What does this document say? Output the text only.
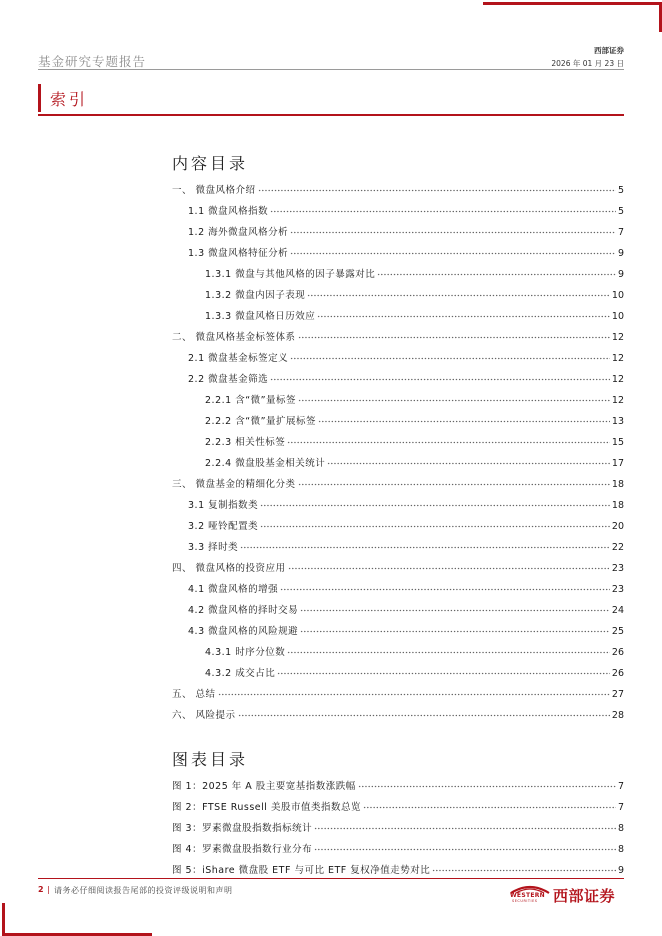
基金研究专题报告
西部证券
2026 年 01 月 23 日
索引
内容目录
一、 微盘风格介绍	5
1.1 微盘风格指数	5
1.2 海外微盘风格分析	7
1.3 微盘风格特征分析	9
1.3.1 微盘与其他风格的因子暴露对比	9
1.3.2 微盘内因子表现	10
1.3.3 微盘风格日历效应	10
二、 微盘风格基金标签体系	12
2.1 微盘基金标签定义	12
2.2 微盘基金筛选	12
2.2.1 含“微”量标签	12
2.2.2 含“微”量扩展标签	13
2.2.3 相关性标签	15
2.2.4 微盘股基金相关统计	17
三、 微盘基金的精细化分类	18
3.1 复制指数类	18
3.2 哑铃配置类	20
3.3 择时类	22
四、 微盘风格的投资应用	23
4.1 微盘风格的增强	23
4.2 微盘风格的择时交易	24
4.3 微盘风格的风险规避	25
4.3.1 时序分位数	26
4.3.2 成交占比	26
五、 总结	27
六、 风险提示	28
图表目录
图 1：2025 年 A 股主要宽基指数涨跌幅	7
图 2：FTSE Russell 美股市值类指数总览	7
图 3：罗素微盘股指数指标统计	8
图 4：罗素微盘股指数行业分布	8
图 5：iShare 微盘股 ETF 与可比 ETF 复权净值走势对比	9
2 | 请务必仔细阅读报告尾部的投资评级说明和声明
WESTERN
SECURITIES 西部证券
